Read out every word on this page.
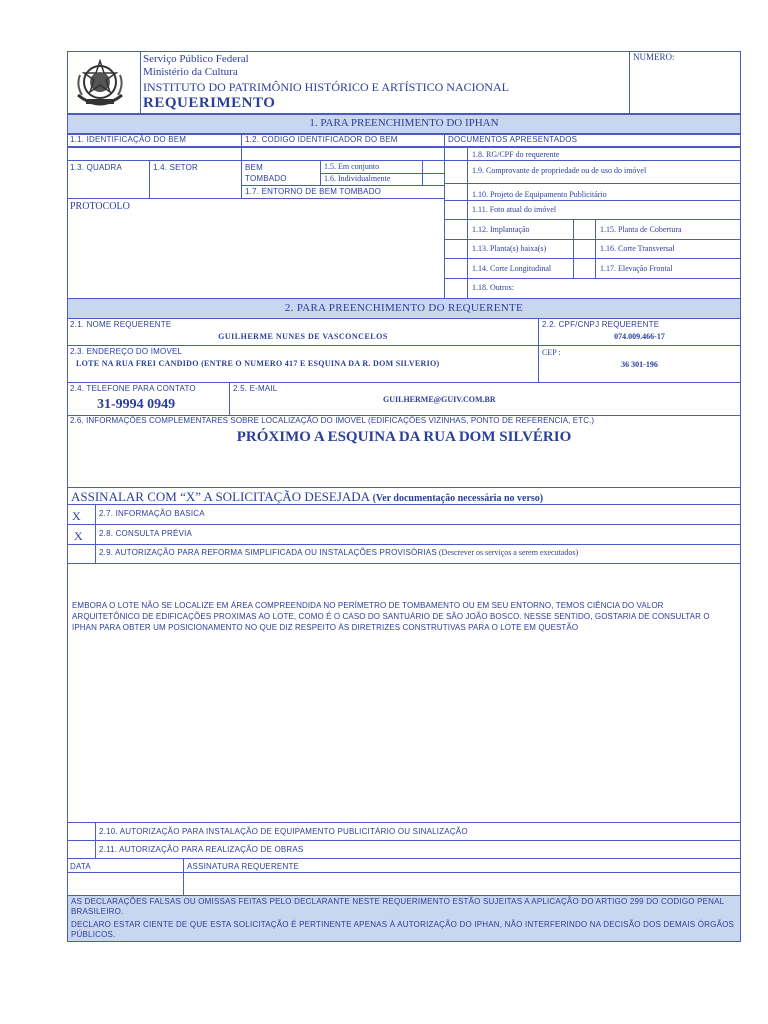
Serviço Público Federal
Ministério da Cultura
INSTITUTO DO PATRIMÔNIO HISTÓRICO E ARTÍSTICO NACIONAL
REQUERIMENTO
NUMERO:
1. PARA PREENCHIMENTO DO IPHAN
1.1. IDENTIFICAÇÃO DO BEM	1.2. CODIGO IDENTIFICADOR DO BEM	DOCUMENTOS APRESENTADOS
1.3. QUADRA	1.4. SETOR	BEM
TOMBADO
1.5. Em conjunto
1.6. Individualmente
1.7. ENTORNO DE BEM TOMBADO
PROTOCOLO
1.8. RG/CPF do requerente
1.9. Comprovante de propriedade ou de uso do imóvel
1.10. Projeto de Equipamento Publicitário
1.11. Foto atual do imóvel
1.12. Implantação	1.15. Planta de Cobertura
1.13. Planta(s) baixa(s)	1.16. Corte Transversal
1.14. Corte Longitudinal	1.17. Elevação Frontal
1.18. Outros:
2. PARA PREENCHIMENTO DO REQUERENTE
2.1. NOME REQUERENTE
GUILHERME NUNES DE VASCONCELOS
2.2. CPF/CNPJ REQUERENTE
074.009.466-17
2.3. ENDEREÇO DO IMOVEL
LOTE NA RUA FREI CANDIDO (ENTRE O NUMERO 417 E ESQUINA DA R. DOM SILVERIO)
CEP :
36 301-196
2.4. TELEFONE PARA CONTATO
31-9994 0949
2.5. E-MAIL
GUILHERME@GUIV.COM.BR
2.6. INFORMAÇÕES COMPLEMENTARES SOBRE LOCALIZAÇÃO DO IMOVEL (EDIFICAÇÕES VIZINHAS, PONTO DE REFERENCIA, ETC.)
PRÓXIMO A ESQUINA DA RUA DOM SILVÉRIO
ASSINALAR COM “X” A SOLICITAÇÃO DESEJADA (Ver documentação necessária no verso)
X 2.7. INFORMAÇÃO BASICA
X 2.8. CONSULTA PRÉVIA
2.9. AUTORIZAÇÃO PARA REFORMA SIMPLIFICADA OU INSTALAÇÕES PROVISÓRIAS (Descrever os serviços a serem executados)
EMBORA O LOTE NÃO SE LOCALIZE EM ÁREA COMPREENDIDA NO PERÍMETRO DE TOMBAMENTO OU EM SEU ENTORNO, TEMOS CIÊNCIA DO VALOR ARQUITETÔNICO DE EDIFICAÇÕES PROXIMAS AO LOTE, COMO É O CASO DO SANTUÁRIO DE SÃO JOÃO BOSCO. NESSE SENTIDO, GOSTARIA DE CONSULTAR O IPHAN PARA OBTER UM POSICIONAMENTO NO QUE DIZ RESPEITO ÀS DIRETRIZES CONSTRUTIVAS PARA O LOTE EM QUESTÃO
2.10. AUTORIZAÇÃO PARA INSTALAÇÃO DE EQUIPAMENTO PUBLICITÁRIO OU SINALIZAÇÃO
2.11. AUTORIZAÇÃO PARA REALIZAÇÃO DE OBRAS
DATA	ASSINATURA REQUERENTE
AS DECLARAÇÕES FALSAS OU OMISSAS FEITAS PELO DECLARANTE NESTE REQUERIMENTO ESTÃO SUJEITAS A APLICAÇÃO DO ARTIGO 299 DO CODIGO PENAL BRASILEIRO.
DECLARO ESTAR CIENTE DE QUE ESTA SOLICITAÇÃO É PERTINENTE APENAS À AUTORIZAÇÃO DO IPHAN, NÃO INTERFERINDO NA DECISÃO DOS DEMAIS ÓRGÃOS PÚBLICOS.
